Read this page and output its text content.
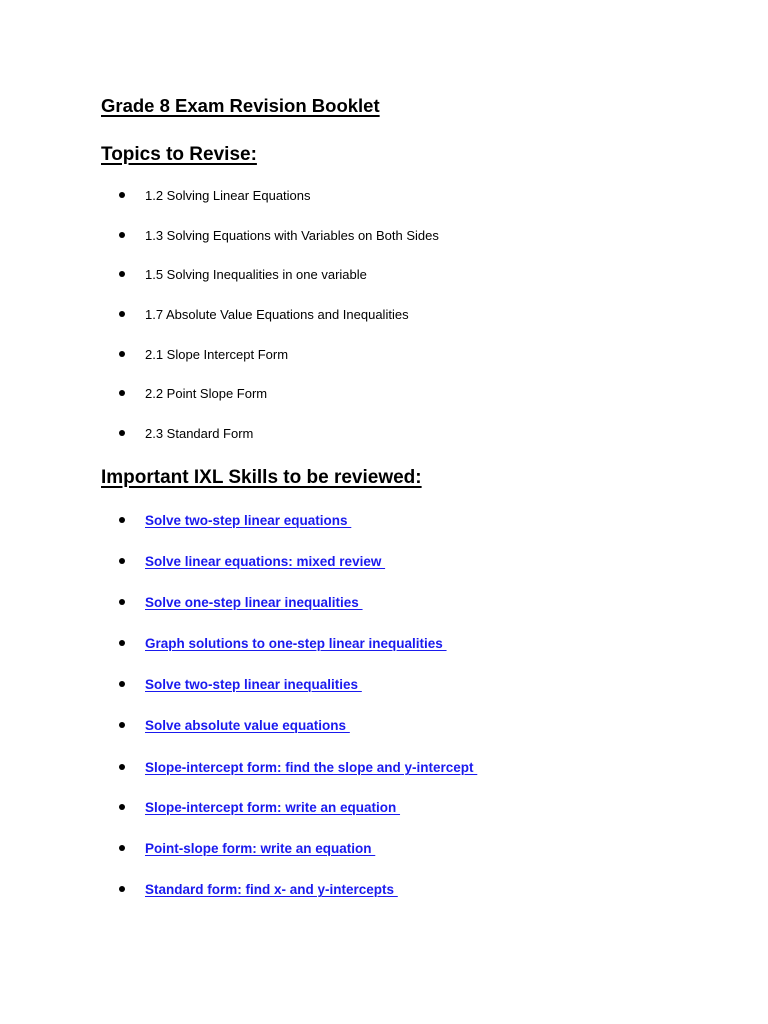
Grade 8 Exam Revision Booklet
Topics to Revise:
1.2 Solving Linear Equations
1.3 Solving Equations with Variables on Both Sides
1.5 Solving Inequalities in one variable
1.7 Absolute Value Equations and Inequalities
2.1 Slope Intercept Form
2.2 Point Slope Form
2.3 Standard Form
Important IXL Skills to be reviewed:
Solve two-step linear equations
Solve linear equations: mixed review
Solve one-step linear inequalities
Graph solutions to one-step linear inequalities
Solve two-step linear inequalities
Solve absolute value equations
Slope-intercept form: find the slope and y-intercept
Slope-intercept form: write an equation
Point-slope form: write an equation
Standard form: find x- and y-intercepts
